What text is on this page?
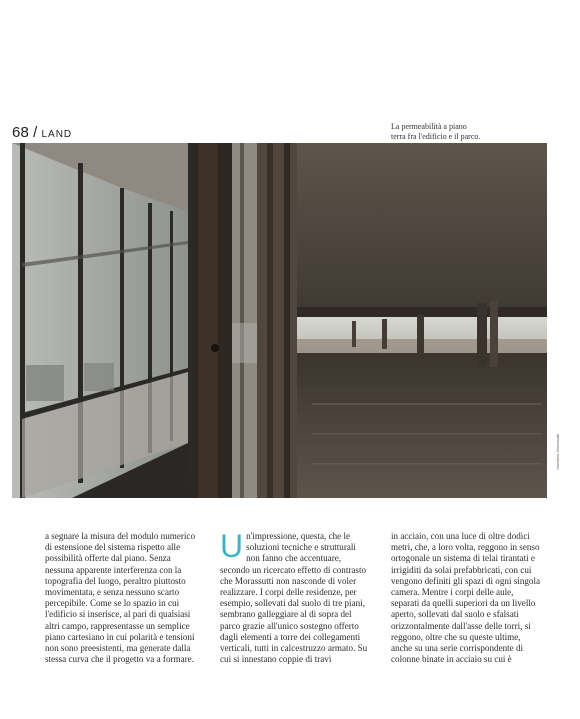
68 / LAND
La permeabilità a piano
terra fra l'edificio e il parco.
Valentina Morassutti

a segnare la misura del modulo numerico di estensione del sistema rispetto alle possibilità offerte dal piano. Senza nessuna apparente interferenza con la topografia del luogo, peraltro piuttosto movimentata, e senza nessuno scarto percepibile. Come se lo spazio in cui l'edificio si inserisce, al pari di qualsiasi altri campo, rappresentasse un semplice piano cartesiano in cui polarità e tensioni non sono preesistenti, ma generate dalla stessa curva che il progetto va a formare.

U n'impressione, questa, che le soluzioni tecniche e strutturali non fanno che accentuare, secondo un ricercato effetto di contrasto che Morassutti non nasconde di voler realizzare. I corpi delle residenze, per esempio, sollevati dal suolo di tre piani, sembrano galleggiare al di sopra del parco grazie all'unico sostegno offerto dagli elementi a torre dei collegamenti verticali, tutti in calcestruzzo armato. Su cui si innestano coppie di travi

in acciaio, con una luce di oltre dodici metri, che, a loro volta, reggono in senso ortogonale un sistema di telai tirantati e irrigiditi da solai prefabbricati, con cui vengono definiti gli spazi di ogni singola camera. Mentre i corpi delle aule, separati da quelli superiori da un livello aperto, sollevati dal suolo e sfalsati orizzontalmente dall'asse delle torri, si reggono, oltre che su queste ultime, anche su una serie corrispondente di colonne binate in acciaio su cui è
